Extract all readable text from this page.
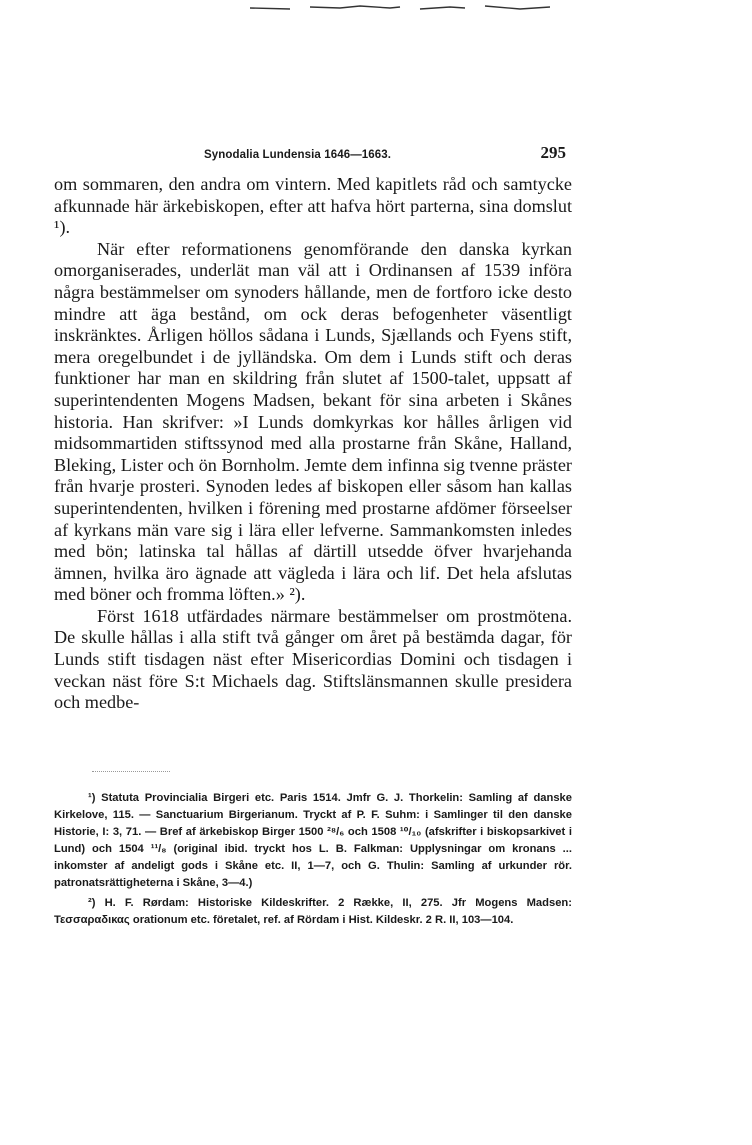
Synodalia Lundensia 1646—1663.	295

om sommaren, den andra om vintern. Med kapitlets råd och samtycke afkunnade här ärkebiskopen, efter att hafva hört parterna, sina domslut ¹).

När efter reformationens genomförande den danska kyrkan omorganiserades, underlät man väl att i Ordinansen af 1539 införa några bestämmelser om synoders hållande, men de fortforo icke desto mindre att äga bestånd, om ock deras befogenheter väsentligt inskränktes. Årligen höllos sådana i Lunds, Sjællands och Fyens stift, mera oregelbundet i de jylländska. Om dem i Lunds stift och deras funktioner har man en skildring från slutet af 1500-talet, uppsatt af superintendenten Mogens Madsen, bekant för sina arbeten i Skånes historia. Han skrifver: »I Lunds domkyrkas kor hålles årligen vid midsommartiden stiftssynod med alla prostarne från Skåne, Halland, Bleking, Lister och ön Bornholm. Jemte dem infinna sig tvenne präster från hvarje prosteri. Synoden ledes af biskopen eller såsom han kallas superintendenten, hvilken i förening med prostarne afdömer förseelser af kyrkans män vare sig i lära eller lefverne. Sammankomsten inledes med bön; latinska tal hållas af därtill utsedde öfver hvarjehanda ämnen, hvilka äro ägnade att vägleda i lära och lif. Det hela afslutas med böner och fromma löften.» ²).

Först 1618 utfärdades närmare bestämmelser om prostmötena. De skulle hållas i alla stift två gånger om året på bestämda dagar, för Lunds stift tisdagen näst efter Misericordias Domini och tisdagen i veckan näst före S:t Michaels dag. Stiftslänsmannen skulle presidera och medbe-

¹) Statuta Provincialia Birgeri etc. Paris 1514. Jmfr G. J. Thorkelin: Samling af danske Kirkelove, 115. — Sanctuarium Birgerianum. Tryckt af P. F. Suhm: i Samlinger til den danske Historie, I: 3, 71. — Bref af ärkebiskop Birger 1500 ²⁸/₆ och 1508 ¹⁰/₁₀ (afskrifter i biskopsarkivet i Lund) och 1504 ¹¹/₈ (original ibid. tryckt hos L. B. Falkman: Upplysningar om kronans ... inkomster af andeligt gods i Skåne etc. II, 1—7, och G. Thulin: Samling af urkunder rör. patronatsrättigheterna i Skåne, 3—4.)

²) H. F. Rørdam: Historiske Kildeskrifter. 2 Række, II, 275. Jfr Mogens Madsen: Τεσσαραδικας orationum etc. företalet, ref. af Rördam i Hist. Kildeskr. 2 R. II, 103—104.
